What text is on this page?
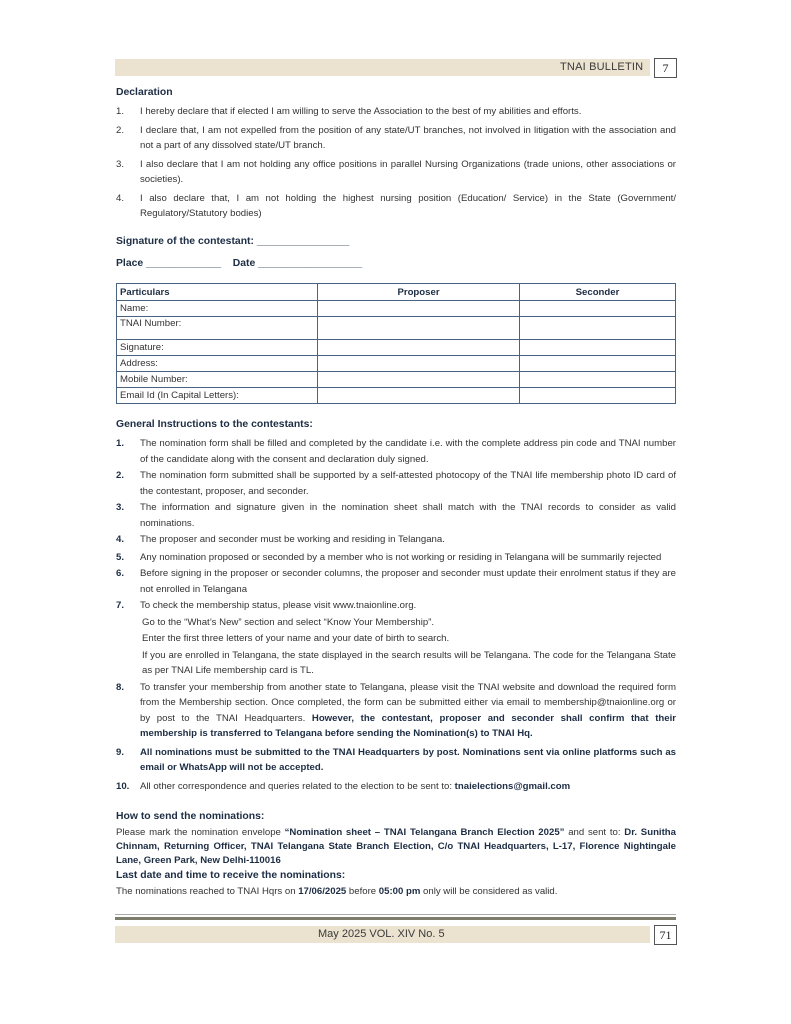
TNAI BULLETIN	7
Declaration
1. I hereby declare that if elected I am willing to serve the Association to the best of my abilities and efforts.
2. I declare that, I am not expelled from the position of any state/UT branches, not involved in litigation with the association and not a part of any dissolved state/UT branch.
3. I also declare that I am not holding any office positions in parallel Nursing Organizations (trade unions, other associations or societies).
4. I also declare that, I am not holding the highest nursing position (Education/ Service) in the State (Government/ Regulatory/Statutory bodies)
Signature of the contestant: ________________
Place _____________ Date __________________
Particulars	Proposer	Seconder
Name:		
TNAI Number:		
Signature:		
Address:		
Mobile Number:		
Email Id (In Capital Letters):		
General Instructions to the contestants:
1. The nomination form shall be filled and completed by the candidate i.e. with the complete address pin code and TNAI number of the candidate along with the consent and declaration duly signed.
2. The nomination form submitted shall be supported by a self-attested photocopy of the TNAI life membership photo ID card of the contestant, proposer, and seconder.
3. The information and signature given in the nomination sheet shall match with the TNAI records to consider as valid nominations.
4. The proposer and seconder must be working and residing in Telangana.
5. Any nomination proposed or seconded by a member who is not working or residing in Telangana will be summarily rejected
6. Before signing in the proposer or seconder columns, the proposer and seconder must update their enrolment status if they are not enrolled in Telangana
7. To check the membership status, please visit www.tnaionline.org.
Go to the “What’s New” section and select “Know Your Membership”.
Enter the first three letters of your name and your date of birth to search.
If you are enrolled in Telangana, the state displayed in the search results will be Telangana. The code for the Telangana State as per TNAI Life membership card is TL.
8. To transfer your membership from another state to Telangana, please visit the TNAI website and download the required form from the Membership section. Once completed, the form can be submitted either via email to membership@tnaionline.org or by post to the TNAI Headquarters. However, the contestant, proposer and seconder shall confirm that their membership is transferred to Telangana before sending the Nomination(s) to TNAI Hq.
9. All nominations must be submitted to the TNAI Headquarters by post. Nominations sent via online platforms such as email or WhatsApp will not be accepted.
10. All other correspondence and queries related to the election to be sent to: tnaielections@gmail.com
How to send the nominations:
Please mark the nomination envelope “Nomination sheet – TNAI Telangana Branch Election 2025” and sent to: Dr. Sunitha Chinnam, Returning Officer, TNAI Telangana State Branch Election, C/o TNAI Headquarters, L-17, Florence Nightingale Lane, Green Park, New Delhi-110016
Last date and time to receive the nominations:
The nominations reached to TNAI Hqrs on 17/06/2025 before 05:00 pm only will be considered as valid.
May 2025 VOL. XIV No. 5	71
